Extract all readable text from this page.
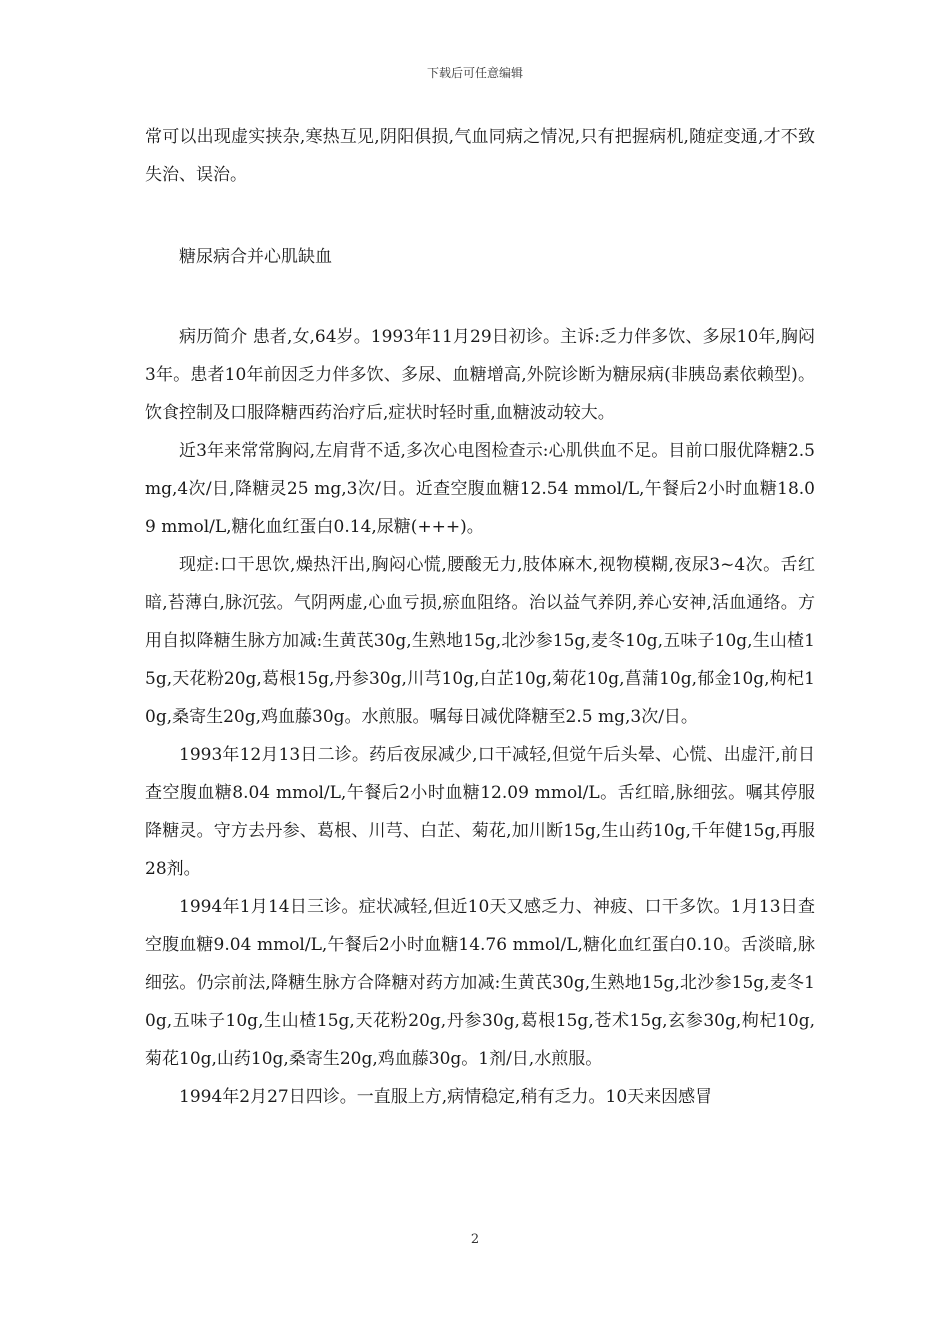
下载后可任意编辑

常可以出现虚实挟杂,寒热互见,阴阳俱损,气血同病之情况,只有把握病机,随症变通,才不致失治、误治。

糖尿病合并心肌缺血

病历简介 患者,女,64岁。1993年11月29日初诊。主诉:乏力伴多饮、多尿10年,胸闷3年。患者10年前因乏力伴多饮、多尿、血糖增高,外院诊断为糖尿病(非胰岛素依赖型)。饮食控制及口服降糖西药治疗后,症状时轻时重,血糖波动较大。

近3年来常常胸闷,左肩背不适,多次心电图检查示:心肌供血不足。目前口服优降糖2.5 mg,4次/日,降糖灵25 mg,3次/日。近查空腹血糖12.54 mmol/L,午餐后2小时血糖18.09 mmol/L,糖化血红蛋白0.14,尿糖(+++)。

现症:口干思饮,燥热汗出,胸闷心慌,腰酸无力,肢体麻木,视物模糊,夜尿3~4次。舌红暗,苔薄白,脉沉弦。气阴两虚,心血亏损,瘀血阻络。治以益气养阴,养心安神,活血通络。方用自拟降糖生脉方加减:生黄芪30g,生熟地15g,北沙参15g,麦冬10g,五味子10g,生山楂15g,天花粉20g,葛根15g,丹参30g,川芎10g,白芷10g,菊花10g,菖蒲10g,郁金10g,枸杞10g,桑寄生20g,鸡血藤30g。水煎服。嘱每日减优降糖至2.5 mg,3次/日。

1993年12月13日二诊。药后夜尿减少,口干减轻,但觉午后头晕、心慌、出虚汗,前日查空腹血糖8.04 mmol/L,午餐后2小时血糖12.09 mmol/L。舌红暗,脉细弦。嘱其停服降糖灵。守方去丹参、葛根、川芎、白芷、菊花,加川断15g,生山药10g,千年健15g,再服28剂。

1994年1月14日三诊。症状减轻,但近10天又感乏力、神疲、口干多饮。1月13日查空腹血糖9.04 mmol/L,午餐后2小时血糖14.76 mmol/L,糖化血红蛋白0.10。舌淡暗,脉细弦。仍宗前法,降糖生脉方合降糖对药方加减:生黄芪30g,生熟地15g,北沙参15g,麦冬10g,五味子10g,生山楂15g,天花粉20g,丹参30g,葛根15g,苍术15g,玄参30g,枸杞10g,菊花10g,山药10g,桑寄生20g,鸡血藤30g。1剂/日,水煎服。

1994年2月27日四诊。一直服上方,病情稳定,稍有乏力。10天来因感冒

2
